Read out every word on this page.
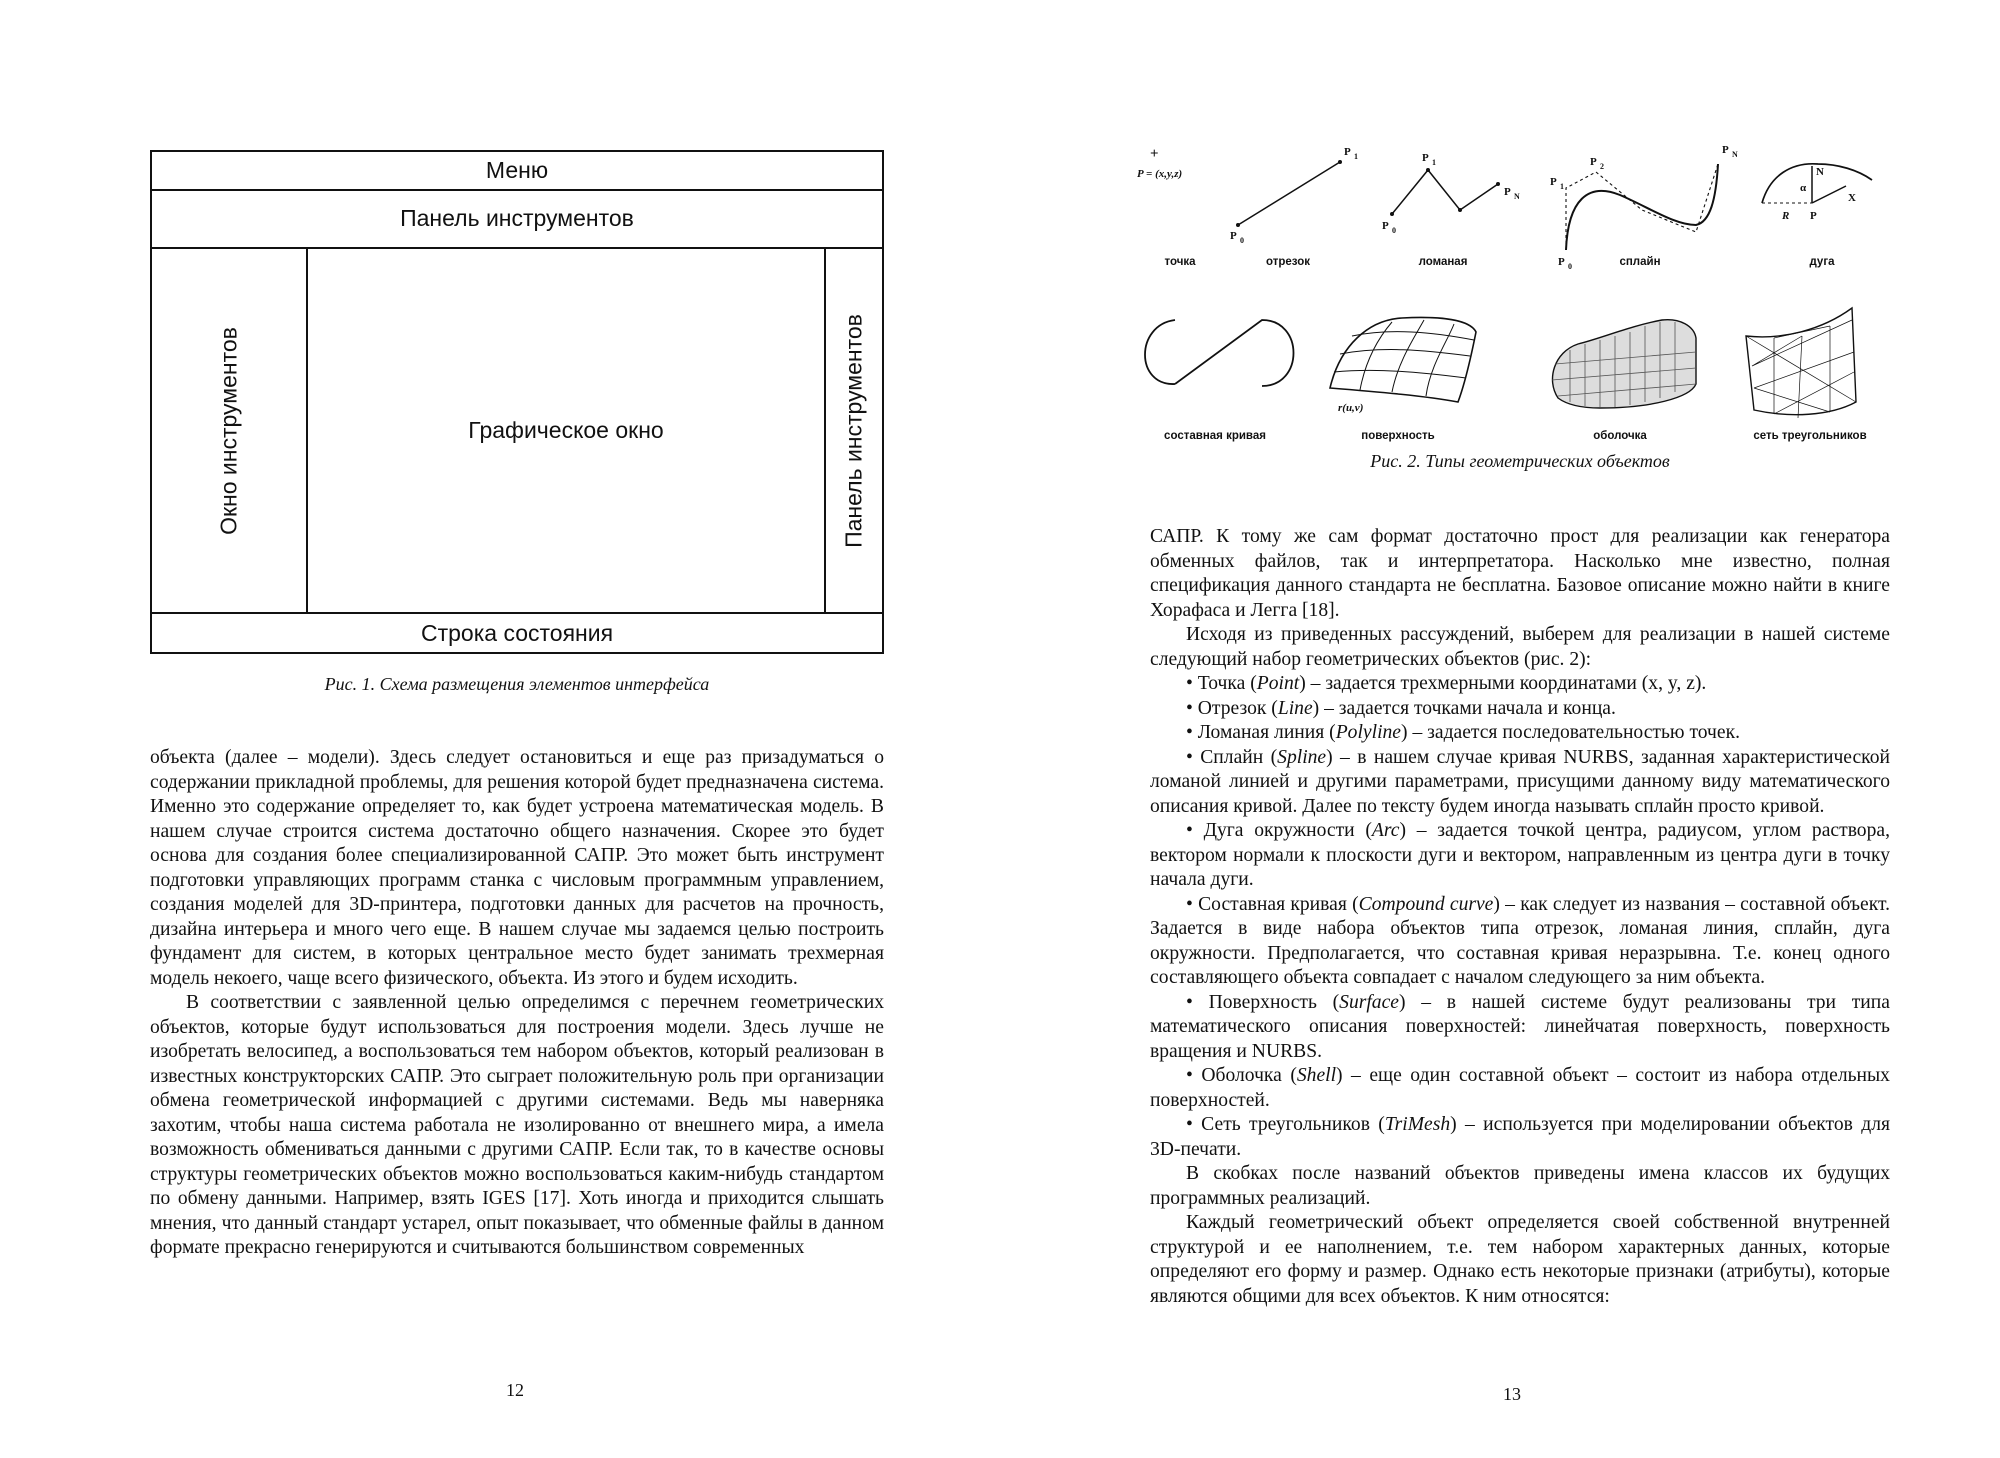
Меню
Панель инструментов
Окно инструментов	Графическое окно	Панель инструментов
Строка состояния
Рис. 1. Схема размещения элементов интерфейса

объекта (далее – модели). Здесь следует остановиться и еще раз призадуматься о содержании прикладной проблемы, для решения которой будет предназначена система. Именно это содержание определяет то, как будет устроена математическая модель. В нашем случае строится система достаточно общего назначения. Скорее это будет основа для создания более специализированной САПР. Это может быть инструмент подготовки управляющих программ станка с числовым программным управлением, создания моделей для 3D-принтера, подготовки данных для расчетов на прочность, дизайна интерьера и много чего еще. В нашем случае мы задаемся целью построить фундамент для систем, в которых центральное место будет занимать трехмерная модель некоего, чаще всего физического, объекта. Из этого и будем исходить.

В соответствии с заявленной целью определимся с перечнем геометрических объектов, которые будут использоваться для построения модели. Здесь лучше не изобретать велосипед, а воспользоваться тем набором объектов, который реализован в известных конструкторских САПР. Это сыграет положительную роль при организации обмена геометрической информацией с другими системами. Ведь мы наверняка захотим, чтобы наша система работала не изолированно от внешнего мира, а имела возможность обмениваться данными с другими САПР. Если так, то в качестве основы структуры геометрических объектов можно воспользоваться каким-нибудь стандартом по обмену данными. Например, взять IGES [17]. Хоть иногда и приходится слышать мнения, что данный стандарт устарел, опыт показывает, что обменные файлы в данном формате прекрасно генерируются и считываются большинством современных

12
+
P = (x,y,z)
P 0
P 1
P 0
P 1
P N
P 1
P 2
P 0
P N
N
α
X
R P
r(u,v)
точка	отрезок	ломаная	сплайн	дуга
составная кривая	поверхность	оболочка	сеть треугольников
Рис. 2. Типы геометрических объектов

САПР. К тому же сам формат достаточно прост для реализации как генератора обменных файлов, так и интерпретатора. Насколько мне известно, полная спецификация данного стандарта не бесплатна. Базовое описание можно найти в книге Хорафаса и Легга [18].

Исходя из приведенных рассуждений, выберем для реализации в нашей системе следующий набор геометрических объектов (рис. 2):

• Точка (Point) – задается трехмерными координатами (x, y, z).

• Отрезок (Line) – задается точками начала и конца.

• Ломаная линия (Polyline) – задается последовательностью точек.

• Сплайн (Spline) – в нашем случае кривая NURBS, заданная характеристической ломаной линией и другими параметрами, присущими данному виду математического описания кривой. Далее по тексту будем иногда называть сплайн просто кривой.

• Дуга окружности (Arc) – задается точкой центра, радиусом, углом раствора, вектором нормали к плоскости дуги и вектором, направленным из центра дуги в точку начала дуги.

• Составная кривая (Compound curve) – как следует из названия – составной объект. Задается в виде набора объектов типа отрезок, ломаная линия, сплайн, дуга окружности. Предполагается, что составная кривая неразрывна. Т.е. конец одного составляющего объекта совпадает с началом следующего за ним объекта.

• Поверхность (Surface) – в нашей системе будут реализованы три типа математического описания поверхностей: линейчатая поверхность, поверхность вращения и NURBS.

• Оболочка (Shell) – еще один составной объект – состоит из набора отдельных поверхностей.

• Сеть треугольников (TriMesh) – используется при моделировании объектов для 3D-печати.

В скобках после названий объектов приведены имена классов их будущих программных реализаций.

Каждый геометрический объект определяется своей собственной внутренней структурой и ее наполнением, т.е. тем набором характерных данных, которые определяют его форму и размер. Однако есть некоторые признаки (атрибуты), которые являются общими для всех объектов. К ним относятся:

13
